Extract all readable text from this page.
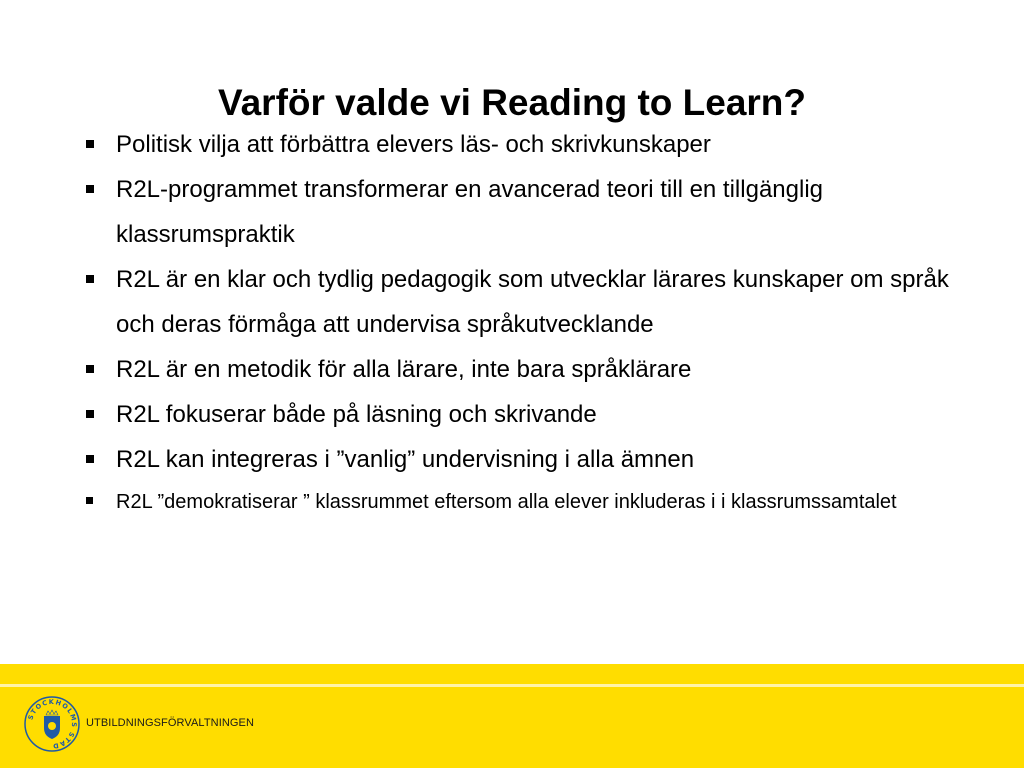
Varför valde vi Reading to Learn?
Politisk vilja att förbättra elevers läs- och skrivkunskaper
R2L-programmet transformerar en avancerad teori till en tillgänglig klassrumspraktik
R2L är en klar och tydlig pedagogik som utvecklar lärares kunskaper om språk och deras förmåga att undervisa språkutvecklande
R2L är en metodik för alla lärare, inte bara språklärare
R2L fokuserar både på läsning och skrivande
R2L kan integreras i ”vanlig” undervisning i alla ämnen
R2L ”demokratiserar ” klassrummet eftersom alla elever inkluderas i i klassrumssamtalet
STOCKHOLMS STAD
UTBILDNINGSFÖRVALTNINGEN
